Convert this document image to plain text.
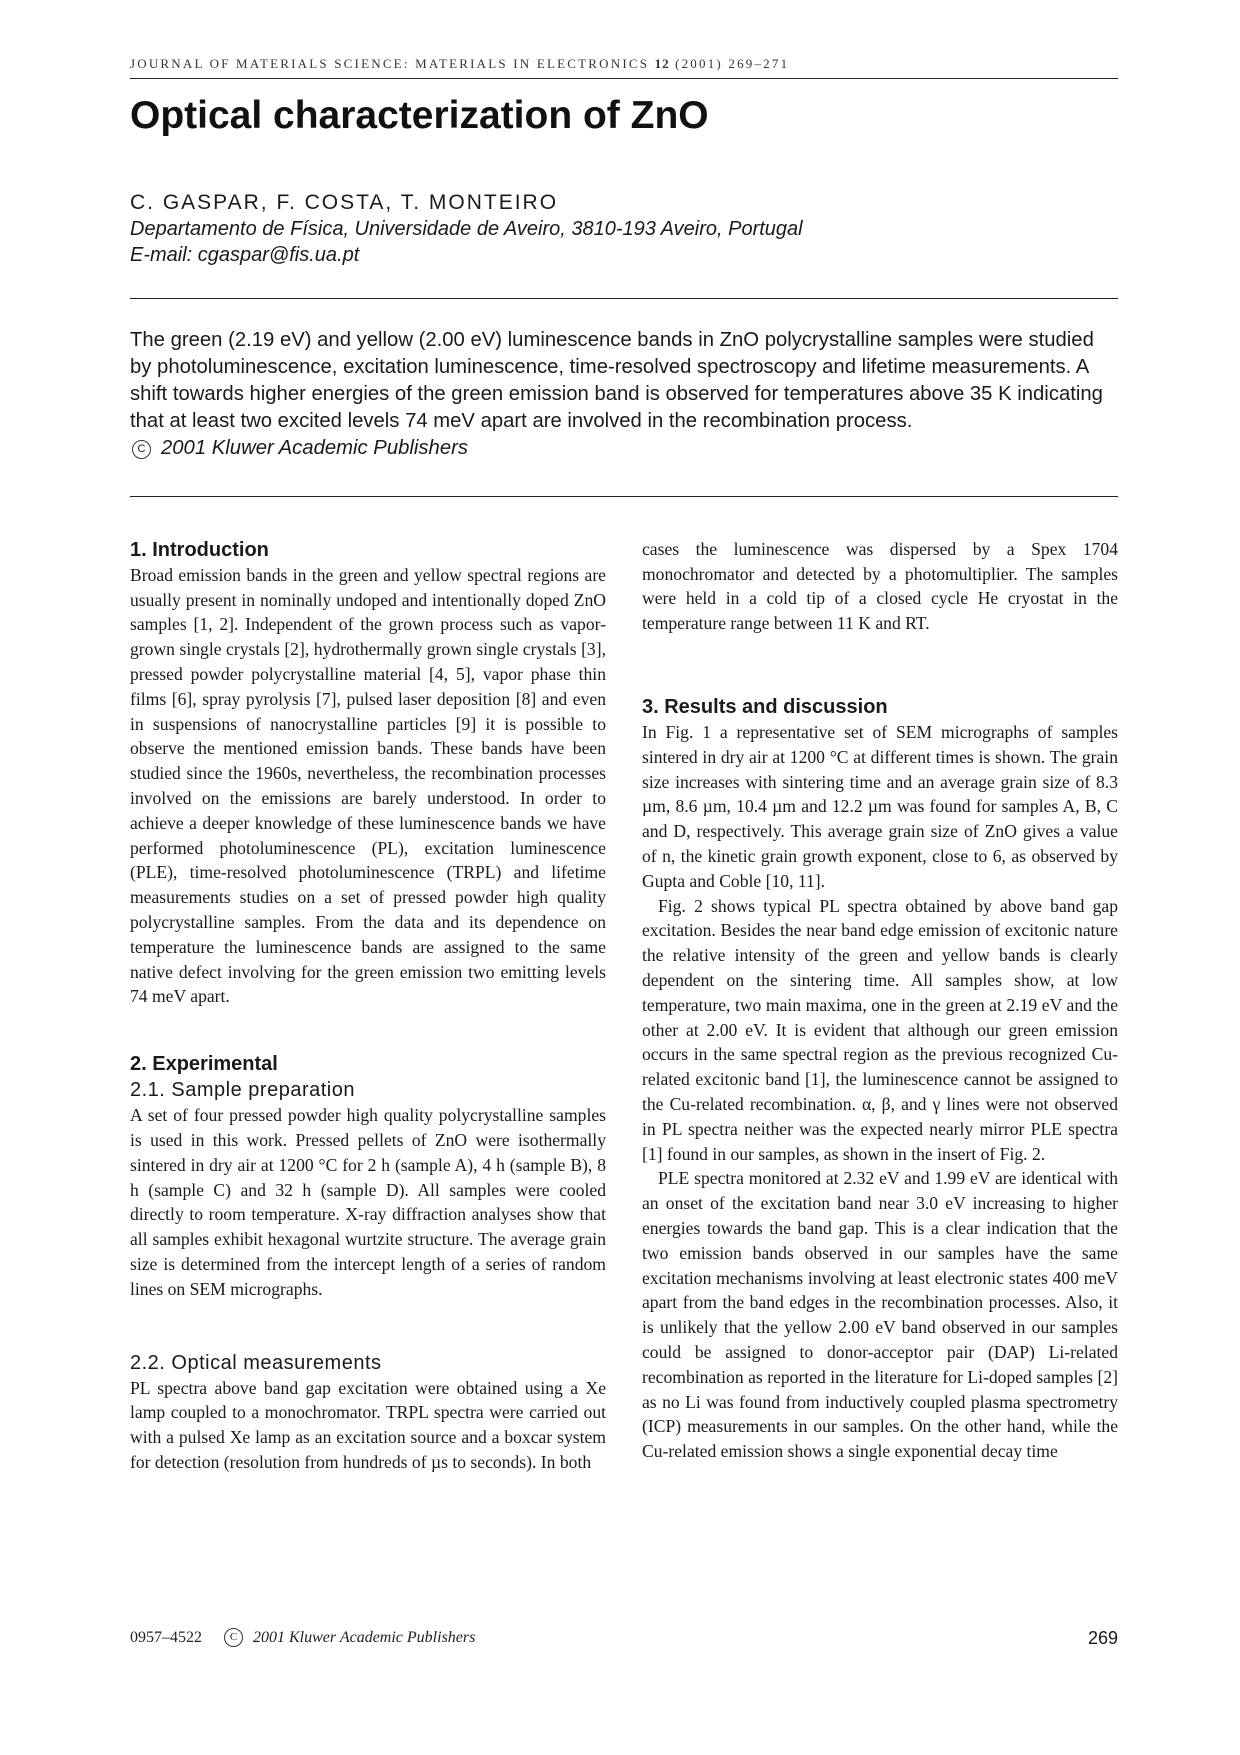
JOURNAL OF MATERIALS SCIENCE: MATERIALS IN ELECTRONICS 12 (2001) 269–271
Optical characterization of ZnO
C. GASPAR, F. COSTA, T. MONTEIRO
Departamento de Física, Universidade de Aveiro, 3810-193 Aveiro, Portugal
E-mail: cgaspar@fis.ua.pt
The green (2.19 eV) and yellow (2.00 eV) luminescence bands in ZnO polycrystalline samples were studied by photoluminescence, excitation luminescence, time-resolved spectroscopy and lifetime measurements. A shift towards higher energies of the green emission band is observed for temperatures above 35 K indicating that at least two excited levels 74 meV apart are involved in the recombination process.
C 2001 Kluwer Academic Publishers
1. Introduction

Broad emission bands in the green and yellow spectral regions are usually present in nominally undoped and intentionally doped ZnO samples [1, 2]. Independent of the grown process such as vapor-grown single crystals [2], hydrothermally grown single crystals [3], pressed powder polycrystalline material [4, 5], vapor phase thin films [6], spray pyrolysis [7], pulsed laser deposition [8] and even in suspensions of nanocrystalline particles [9] it is possible to observe the mentioned emission bands. These bands have been studied since the 1960s, nevertheless, the recombination processes involved on the emissions are barely understood. In order to achieve a deeper knowledge of these luminescence bands we have performed photoluminescence (PL), excitation luminescence (PLE), time-resolved photoluminescence (TRPL) and lifetime measurements studies on a set of pressed powder high quality polycrystalline samples. From the data and its dependence on temperature the luminescence bands are assigned to the same native defect involving for the green emission two emitting levels 74 meV apart.

2. Experimental
2.1. Sample preparation

A set of four pressed powder high quality polycrystalline samples is used in this work. Pressed pellets of ZnO were isothermally sintered in dry air at 1200 °C for 2 h (sample A), 4 h (sample B), 8 h (sample C) and 32 h (sample D). All samples were cooled directly to room temperature. X-ray diffraction analyses show that all samples exhibit hexagonal wurtzite structure. The average grain size is determined from the intercept length of a series of random lines on SEM micrographs.

2.2. Optical measurements

PL spectra above band gap excitation were obtained using a Xe lamp coupled to a monochromator. TRPL spectra were carried out with a pulsed Xe lamp as an excitation source and a boxcar system for detection (resolution from hundreds of µs to seconds). In both

cases the luminescence was dispersed by a Spex 1704 monochromator and detected by a photomultiplier. The samples were held in a cold tip of a closed cycle He cryostat in the temperature range between 11 K and RT.

3. Results and discussion

In Fig. 1 a representative set of SEM micrographs of samples sintered in dry air at 1200 °C at different times is shown. The grain size increases with sintering time and an average grain size of 8.3 µm, 8.6 µm, 10.4 µm and 12.2 µm was found for samples A, B, C and D, respectively. This average grain size of ZnO gives a value of n, the kinetic grain growth exponent, close to 6, as observed by Gupta and Coble [10, 11].

Fig. 2 shows typical PL spectra obtained by above band gap excitation. Besides the near band edge emission of excitonic nature the relative intensity of the green and yellow bands is clearly dependent on the sintering time. All samples show, at low temperature, two main maxima, one in the green at 2.19 eV and the other at 2.00 eV. It is evident that although our green emission occurs in the same spectral region as the previous recognized Cu-related excitonic band [1], the luminescence cannot be assigned to the Cu-related recombination. α, β, and γ lines were not observed in PL spectra neither was the expected nearly mirror PLE spectra [1] found in our samples, as shown in the insert of Fig. 2.

PLE spectra monitored at 2.32 eV and 1.99 eV are identical with an onset of the excitation band near 3.0 eV increasing to higher energies towards the band gap. This is a clear indication that the two emission bands observed in our samples have the same excitation mechanisms involving at least electronic states 400 meV apart from the band edges in the recombination processes. Also, it is unlikely that the yellow 2.00 eV band observed in our samples could be assigned to donor-acceptor pair (DAP) Li-related recombination as reported in the literature for Li-doped samples [2] as no Li was found from inductively coupled plasma spectrometry (ICP) measurements in our samples. On the other hand, while the Cu-related emission shows a single exponential decay time

0957–4522	C 2001 Kluwer Academic Publishers	269
